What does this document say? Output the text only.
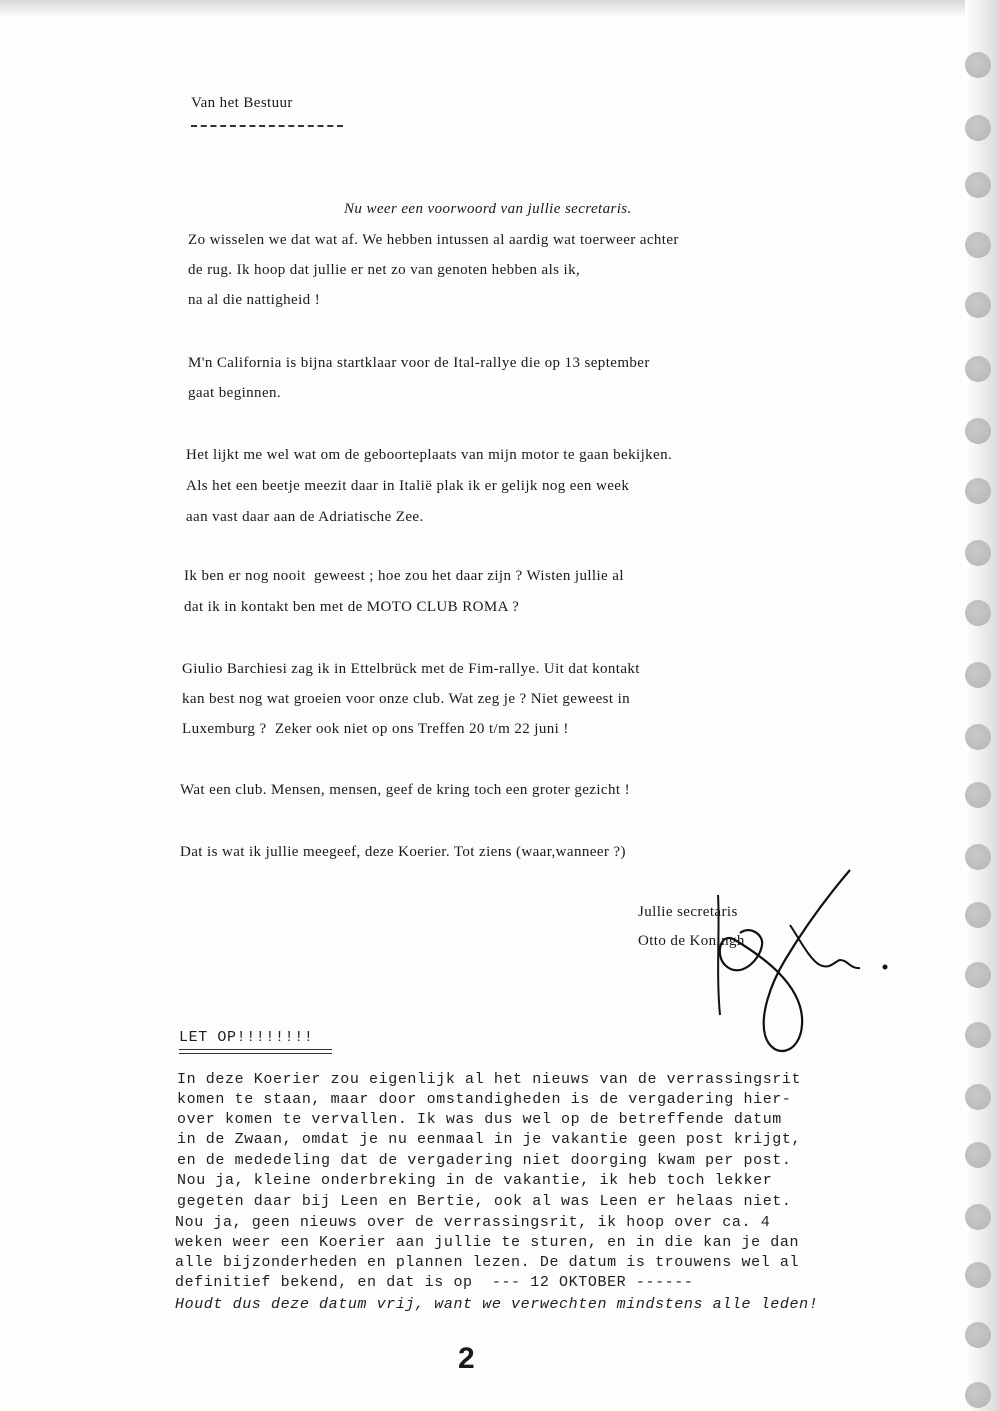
Van het Bestuur
Nu weer een voorwoord van jullie secretaris.
Zo wisselen we dat wat af. We hebben intussen al aardig wat toerweer achter
de rug. Ik hoop dat jullie er net zo van genoten hebben als ik,
na al die nattigheid !
M'n California is bijna startklaar voor de Ital-rallye die op 13 september
gaat beginnen.
Het lijkt me wel wat om de geboorteplaats van mijn motor te gaan bekijken.
Als het een beetje meezit daar in Italië plak ik er gelijk nog een week
aan vast daar aan de Adriatische Zee.
Ik ben er nog nooit  geweest ; hoe zou het daar zijn ? Wisten jullie al
dat ik in kontakt ben met de MOTO CLUB ROMA ?
Giulio Barchiesi zag ik in Ettelbrück met de Fim-rallye. Uit dat kontakt
kan best nog wat groeien voor onze club. Wat zeg je ? Niet geweest in
Luxemburg ?  Zeker ook niet op ons Treffen 20 t/m 22 juni !
Wat een club. Mensen, mensen, geef de kring toch een groter gezicht !
Dat is wat ik jullie meegeef, deze Koerier. Tot ziens (waar,wanneer ?)
Jullie secretaris
Otto de Koningh
LET OP!!!!!!!!
In deze Koerier zou eigenlijk al het nieuws van de verrassingsrit
komen te staan, maar door omstandigheden is de vergadering hier-
over komen te vervallen. Ik was dus wel op de betreffende datum
in de Zwaan, omdat je nu eenmaal in je vakantie geen post krijgt,
en de mededeling dat de vergadering niet doorging kwam per post.
Nou ja, kleine onderbreking in de vakantie, ik heb toch lekker
gegeten daar bij Leen en Bertie, ook al was Leen er helaas niet.
Nou ja, geen nieuws over de verrassingsrit, ik hoop over ca. 4
weken weer een Koerier aan jullie te sturen, en in die kan je dan
alle bijzonderheden en plannen lezen. De datum is trouwens wel al
definitief bekend, en dat is op  --- 12 OKTOBER ------
Houdt dus deze datum vrij, want we verwechten mindstens alle leden!
2
